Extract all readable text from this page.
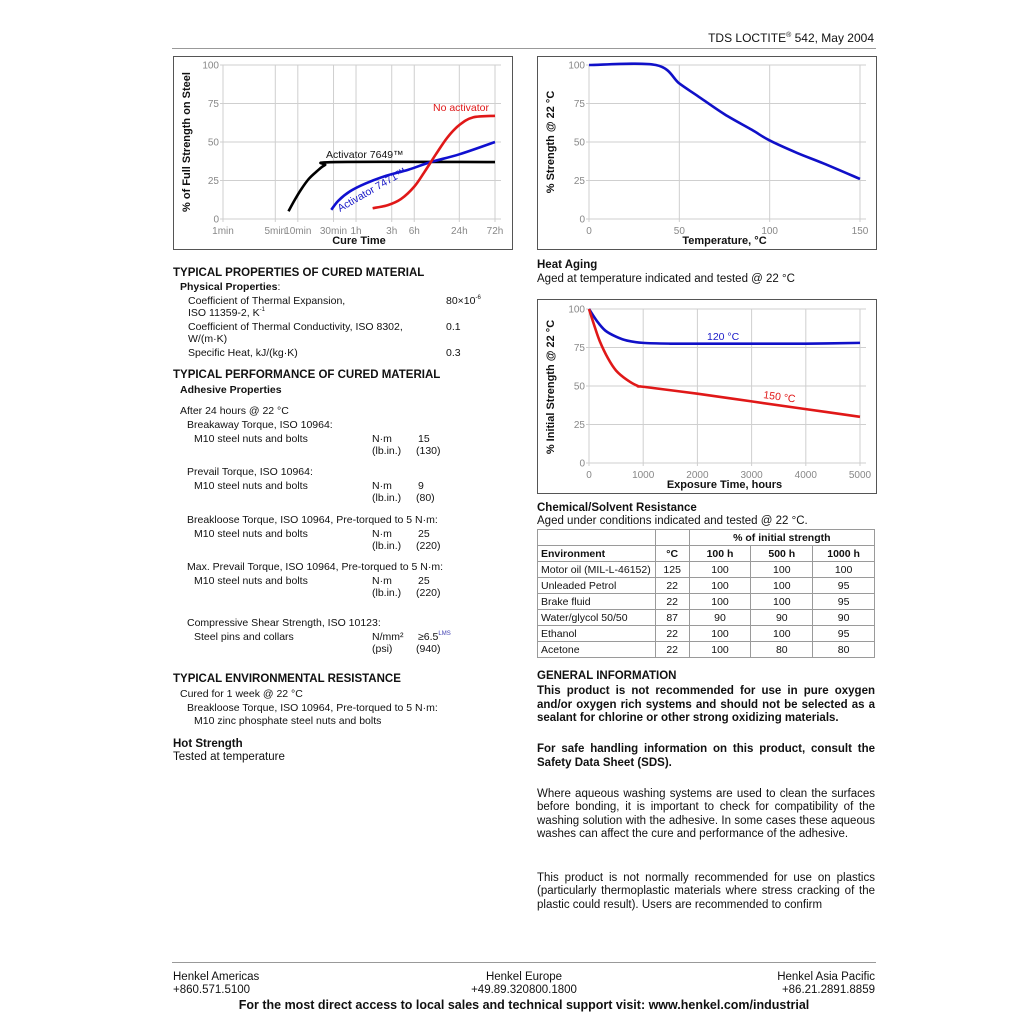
TDS LOCTITE® 542, May 2004
0
25
50
75
100
1min	5min
10min 30min 1h 3h 6h	24h 72h
% of Full Strength on Steel
Cure Time
Activator 7649™
Activator 7471™
No activator
0
25
50
75
100
0	50	100	150
% Strength @ 22 °C
Temperature, °C
TYPICAL PROPERTIES OF CURED MATERIAL
Physical Properties:
Coefficient of Thermal Expansion,
ISO 11359-2, $K^{-1}$
$80\times 10^{-6}$
Coefficient of Thermal Conductivity, ISO 8302,
W/(m·K)
0.1
Specific Heat, kJ/(kg·K)	0.3
TYPICAL PERFORMANCE OF CURED MATERIAL
Adhesive Properties
After 24 hours @ 22 °C
Breakaway Torque, ISO 10964:
M10 steel nuts and bolts	N·m 15
(lb.in.) (130)
Prevail Torque, ISO 10964:
M10 steel nuts and bolts	N·m 9
(lb.in.) (80)
Breakloose Torque, ISO 10964, Pre-torqued to 5 N·m:
M10 steel nuts and bolts	N·m 25
(lb.in.) (220)
Max. Prevail Torque, ISO 10964, Pre-torqued to 5 N·m:
M10 steel nuts and bolts	N·m 25
(lb.in.) (220)
Compressive Shear Strength, ISO 10123:
Steel pins and collars	$N/mm^2 \ge 6.5^{LMS}$
(psi) (940)
TYPICAL ENVIRONMENTAL RESISTANCE
Cured for 1 week @ 22 °C
Breakloose Torque, ISO 10964, Pre-torqued to 5 N·m:
M10 zinc phosphate steel nuts and bolts
Hot Strength
Tested at temperature
Heat Aging
Aged at temperature indicated and tested @ 22 °C
0
25
50
75
100
0	1000	2000	3000	4000	5000
% Initial Strength @ 22 °C
Exposure Time, hours
120 °C
150 °C
Chemical/Solvent Resistance
Aged under conditions indicated and tested @ 22 °C.
		% of initial strength		
Environment	°C	100 h	500 h	1000 h
Motor oil (MIL-L-46152)	125	100	100	100
Unleaded Petrol	22	100	100	95
Brake fluid	22	100	100	95
Water/glycol 50/50	87	90	90	90
Ethanol	22	100	100	95
Acetone	22	100	80	80
GENERAL INFORMATION
This product is not recommended for use in pure oxygen and/or oxygen rich systems and should not be selected as a sealant for chlorine or other strong oxidizing materials.
For safe handling information on this product, consult the Safety Data Sheet (SDS).
Where aqueous washing systems are used to clean the surfaces before bonding, it is important to check for compatibility of the washing solution with the adhesive. In some cases these aqueous washes can affect the cure and performance of the adhesive.
This product is not normally recommended for use on plastics (particularly thermoplastic materials where stress cracking of the plastic could result). Users are recommended to confirm
Henkel Americas
+860.571.5100
Henkel Europe
+49.89.320800.1800
Henkel Asia Pacific
+86.21.2891.8859
For the most direct access to local sales and technical support visit: www.henkel.com/industrial
